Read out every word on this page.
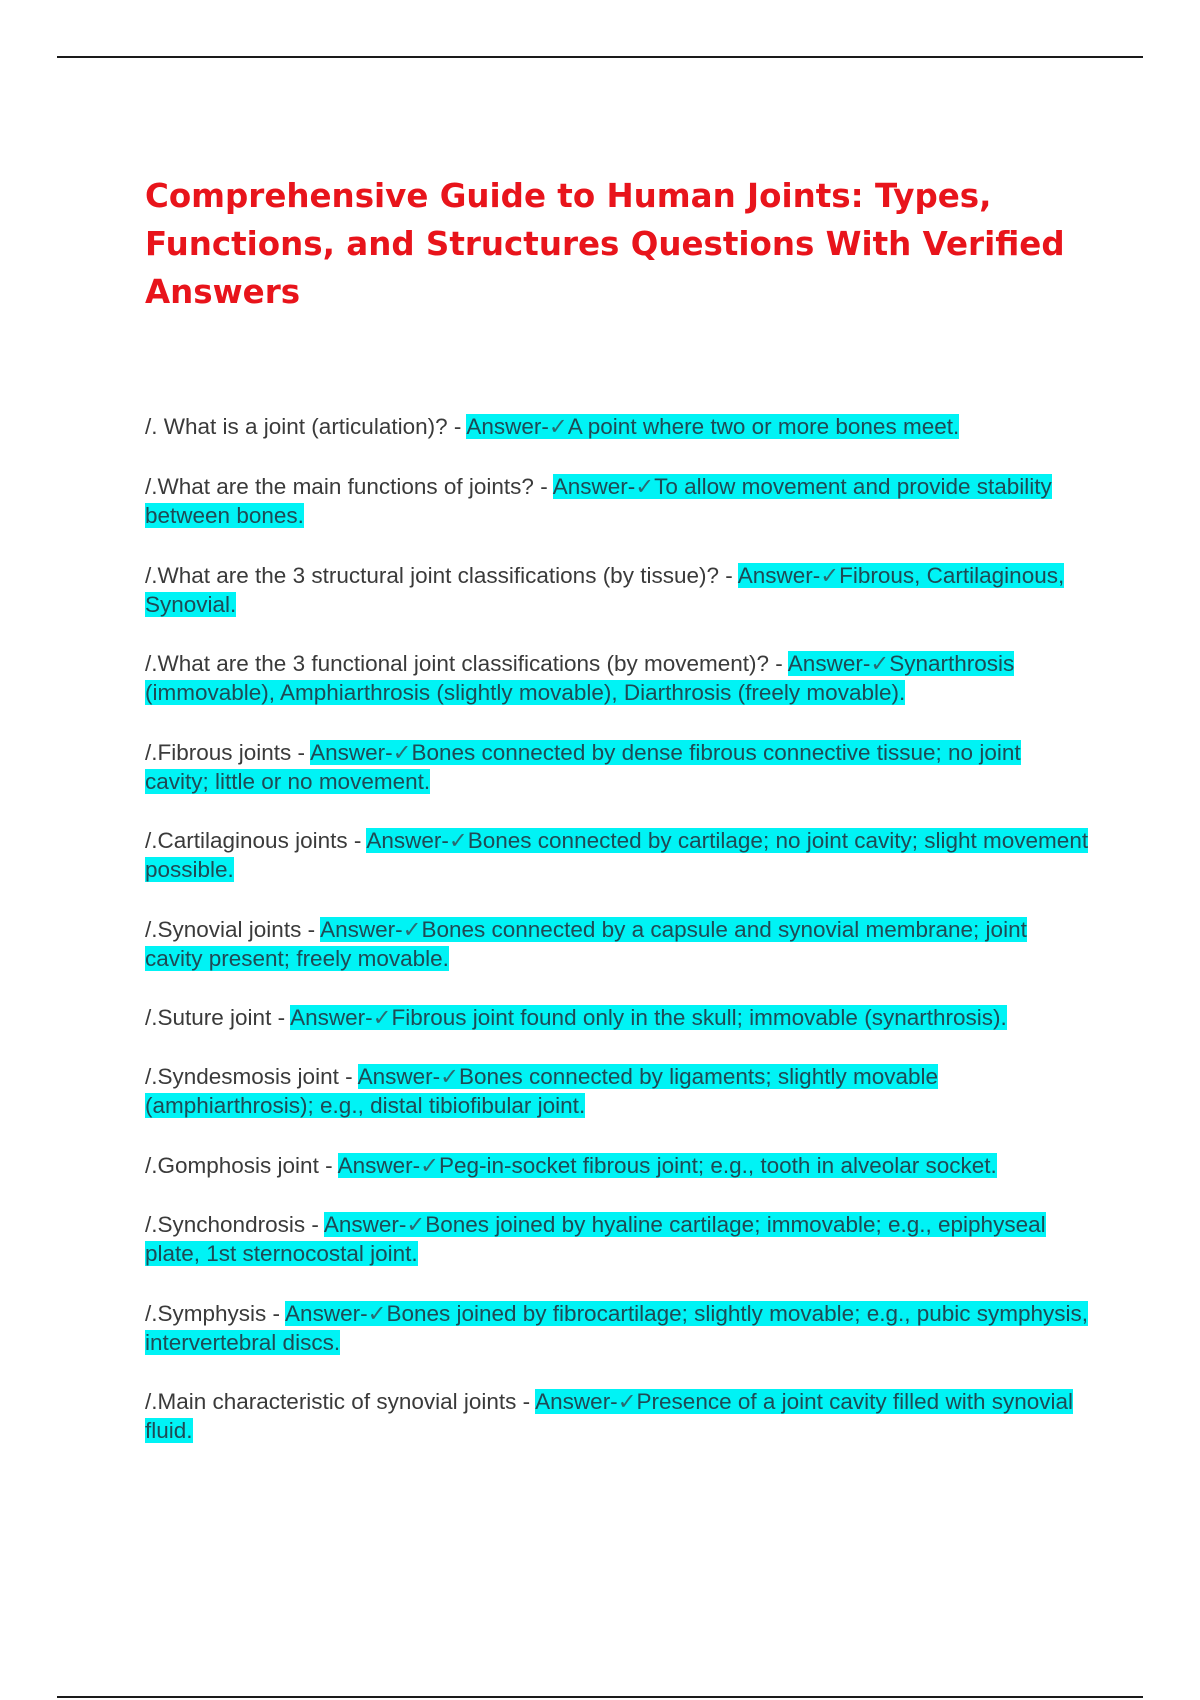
Comprehensive Guide to Human Joints: Types, Functions, and Structures Questions With Verified Answers

/. What is a joint (articulation)? - Answer-✓A point where two or more bones meet.

/.What are the main functions of joints? - Answer-✓To allow movement and provide stability between bones.

/.What are the 3 structural joint classifications (by tissue)? - Answer-✓Fibrous, Cartilaginous, Synovial.

/.What are the 3 functional joint classifications (by movement)? - Answer-✓Synarthrosis (immovable), Amphiarthrosis (slightly movable), Diarthrosis (freely movable).

/.Fibrous joints - Answer-✓Bones connected by dense fibrous connective tissue; no joint cavity; little or no movement.

/.Cartilaginous joints - Answer-✓Bones connected by cartilage; no joint cavity; slight movement possible.

/.Synovial joints - Answer-✓Bones connected by a capsule and synovial membrane; joint cavity present; freely movable.

/.Suture joint - Answer-✓Fibrous joint found only in the skull; immovable (synarthrosis).

/.Syndesmosis joint - Answer-✓Bones connected by ligaments; slightly movable (amphiarthrosis); e.g., distal tibiofibular joint.

/.Gomphosis joint - Answer-✓Peg-in-socket fibrous joint; e.g., tooth in alveolar socket.

/.Synchondrosis - Answer-✓Bones joined by hyaline cartilage; immovable; e.g., epiphyseal plate, 1st sternocostal joint.

/.Symphysis - Answer-✓Bones joined by fibrocartilage; slightly movable; e.g., pubic symphysis, intervertebral discs.

/.Main characteristic of synovial joints - Answer-✓Presence of a joint cavity filled with synovial fluid.
